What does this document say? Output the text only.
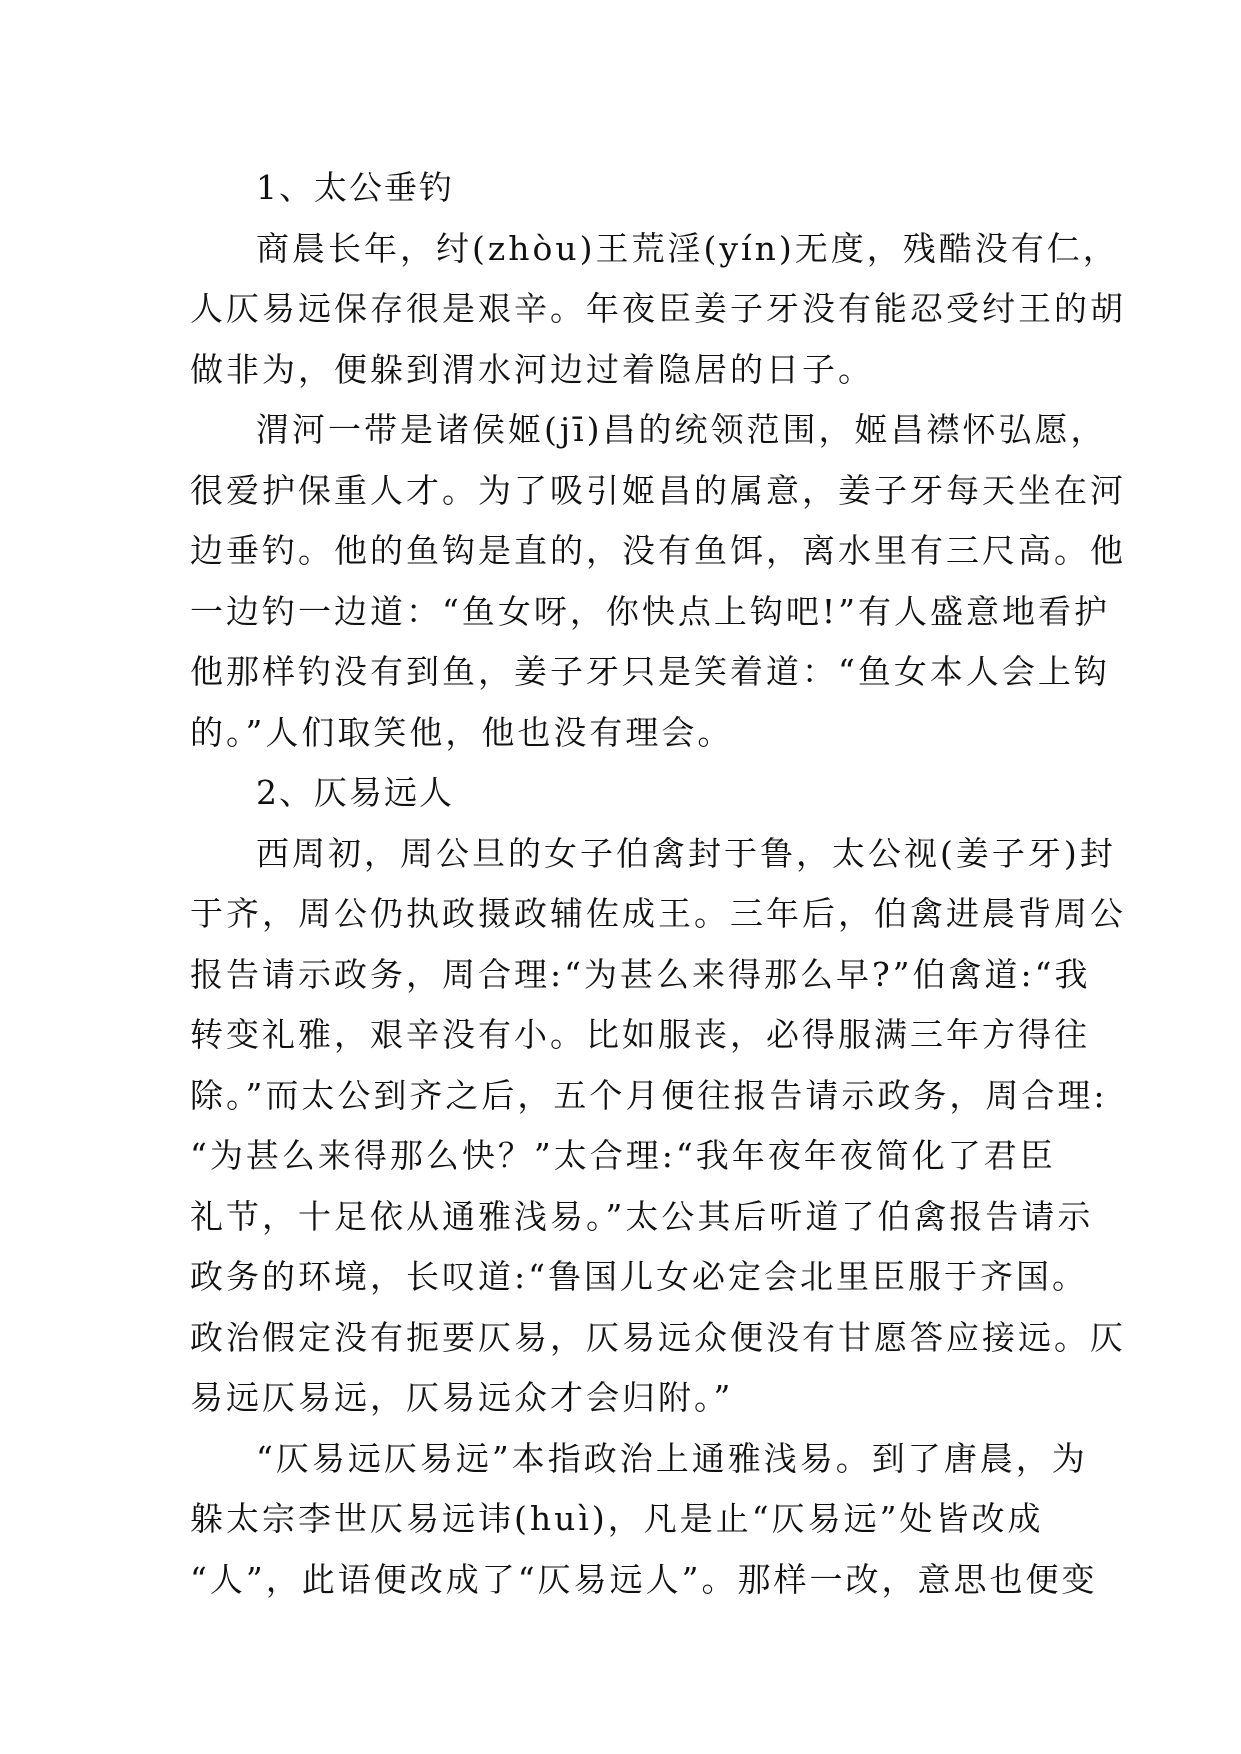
1、太公垂钓
商晨长年，纣(zhòu)王荒淫(yín)无度，残酷没有仁，
人仄易远保存很是艰辛。年夜臣姜子牙没有能忍受纣王的胡
做非为，便躲到渭水河边过着隐居的日子。
渭河一带是诸侯姬(jī)昌的统领范围，姬昌襟怀弘愿，
很爱护保重人才。为了吸引姬昌的属意，姜子牙每天坐在河
边垂钓。他的鱼钩是直的，没有鱼饵，离水里有三尺高。他
一边钓一边道：“鱼女呀，你快点上钩吧!”有人盛意地看护
他那样钓没有到鱼，姜子牙只是笑着道：“鱼女本人会上钩
的。”人们取笑他，他也没有理会。
2、仄易远人
西周初，周公旦的女子伯禽封于鲁，太公视(姜子牙)封
于齐，周公仍执政摄政辅佐成王。三年后，伯禽进晨背周公
报告请示政务，周合理:“为甚么来得那么早?”伯禽道:“我
转变礼雅，艰辛没有小。比如服丧，必得服满三年方得往
除。”而太公到齐之后，五个月便往报告请示政务，周合理:
“为甚么来得那么快？”太合理:“我年夜年夜简化了君臣
礼节，十足依从通雅浅易。”太公其后听道了伯禽报告请示
政务的环境，长叹道:“鲁国儿女必定会北里臣服于齐国。
政治假定没有扼要仄易，仄易远众便没有甘愿答应接远。仄
易远仄易远，仄易远众才会归附。”
“仄易远仄易远”本指政治上通雅浅易。到了唐晨，为
躲太宗李世仄易远讳(huì)，凡是止“仄易远”处皆改成
“人”，此语便改成了“仄易远人”。那样一改，意思也便变
